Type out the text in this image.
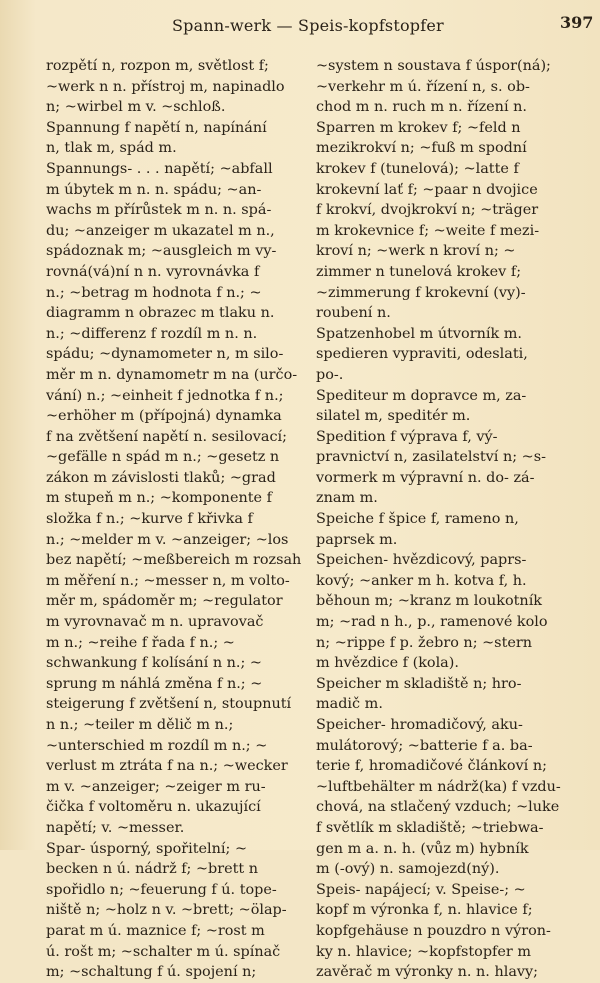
Spann-werk — Speis-kopfstopfer	397
rozpětí n, rozpon m, světlost f;
~werk n n. přístroj m, napinadlo
n; ~wirbel m v. ~schloß.
Spannung f napětí n, napínání
n, tlak m, spád m.
Spannungs- . . . napětí; ~abfall
m úbytek m n. n. spádu; ~an-
wachs m přírůstek m n. n. spá-
du; ~anzeiger m ukazatel m n.,
spádoznak m; ~ausgleich m vy-
rovná(vá)ní n n. vyrovnávka f
n.; ~betrag m hodnota f n.; ~
diagramm n obrazec m tlaku n.
n.; ~differenz f rozdíl m n. n.
spádu; ~dynamometer n, m silo-
měr m n. dynamometr m na (určo-
vání) n.; ~einheit f jednotka f n.;
~erhöher m (přípojná) dynamka
f na zvětšení napětí n. sesilovací;
~gefälle n spád m n.; ~gesetz n
zákon m závislosti tlaků; ~grad
m stupeň m n.; ~komponente f
složka f n.; ~kurve f křivka f
n.; ~melder m v. ~anzeiger; ~los
bez napětí; ~meßbereich m rozsah
m měření n.; ~messer n, m volto-
měr m, spádoměr m; ~regulator
m vyrovnavač m n. upravovač
m n.; ~reihe f řada f n.; ~
schwankung f kolísání n n.; ~
sprung m náhlá změna f n.; ~
steigerung f zvětšení n, stoupnutí
n n.; ~teiler m dělič m n.;
~unterschied m rozdíl m n.; ~
verlust m ztráta f na n.; ~wecker
m v. ~anzeiger; ~zeiger m ru-
čička f voltoměru n. ukazující
napětí; v. ~messer.
Spar- úsporný, spořitelní; ~
becken n ú. nádrž f; ~brett n
spořidlo n; ~feuerung f ú. tope-
niště n; ~holz n v. ~brett; ~ölap-
parat m ú. maznice f; ~rost m
ú. rošt m; ~schalter m ú. spínač
m; ~schaltung f ú. spojení n;
~system n soustava f úspor(ná);
~verkehr m ú. řízení n, s. ob-
chod m n. ruch m n. řízení n.
Sparren m krokev f; ~feld n
mezikrokví n; ~fuß m spodní
krokev f (tunelová); ~latte f
krokevní lať f; ~paar n dvojice
f krokví, dvojkrokví n; ~träger
m krokevnice f; ~weite f mezi-
kroví n; ~werk n kroví n; ~
zimmer n tunelová krokev f;
~zimmerung f krokevní (vy)-
roubení n.
Spatzenhobel m útvorník m.
spedieren vypraviti, odeslati,
po-.
Spediteur m dopravce m, za-
silatel m, speditér m.
Spedition f výprava f, vý-
pravnictví n, zasilatelství n; ~s-
vormerk m výpravní n. do- zá-
znam m.
Speiche f špice f, rameno n,
paprsek m.
Speichen- hvězdicový, paprs-
kový; ~anker m h. kotva f, h.
běhoun m; ~kranz m loukotník
m; ~rad n h., p., ramenové kolo
n; ~rippe f p. žebro n; ~stern
m hvězdice f (kola).
Speicher m skladiště n; hro-
madič m.
Speicher- hromadičový, aku-
mulátorový; ~batterie f a. ba-
terie f, hromadičové článkoví n;
~luftbehälter m nádrž(ka) f vzdu-
chová, na stlačený vzduch; ~luke
f světlík m skladiště; ~triebwa-
gen m a. n. h. (vůz m) hybník
m (-ový) n. samojezd(ný).
Speis- napájecí; v. Speise-; ~
kopf m výronka f, n. hlavice f;
kopfgehäuse n pouzdro n výron-
ky n. hlavice; ~kopfstopfer m
zavěrač m výronky n. n. hlavy;
